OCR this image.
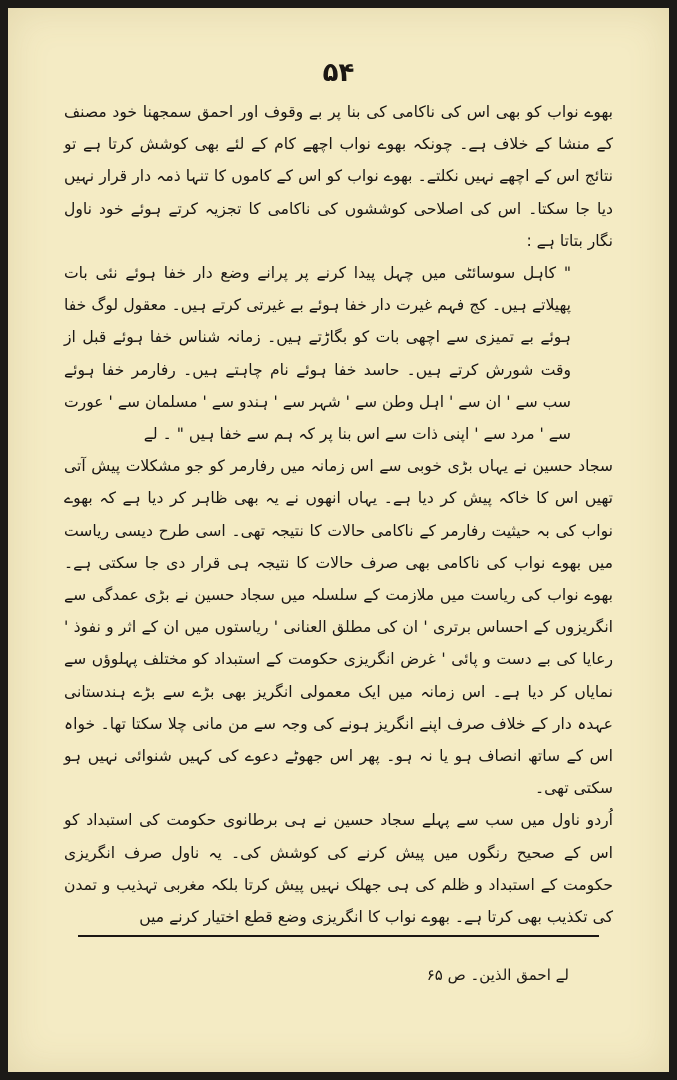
۵۴

بھوے نواب کو بھی اس کی ناکامی کی بنا پر بے وقوف اور احمق سمجھنا خود مصنف کے منشا کے خلاف ہے۔ چونکہ بھوے نواب اچھے کام کے لئے بھی کوشش کرتا ہے تو نتائج اس کے اچھے نہیں نکلتے۔ بھوے نواب کو اس کے کاموں کا تنہا ذمہ دار قرار نہیں دیا جا سکتا۔ اس کی اصلاحی کوششوں کی ناکامی کا تجزیہ کرتے ہوئے خود ناول نگار بتاتا ہے :

" کاہل سوسائٹی میں چہل پیدا کرنے پر پرانے وضع دار خفا ہوئے نئی بات پھیلاتے ہیں۔ کج فہم غیرت دار خفا ہوئے بے غیرتی کرتے ہیں۔ معقول لوگ خفا ہوئے بے تمیزی سے اچھی بات کو بگاڑتے ہیں۔ زمانہ شناس خفا ہوئے قبل از وقت شورش کرتے ہیں۔ حاسد خفا ہوئے نام چاہتے ہیں۔ رفارمر خفا ہوئے سب سے ' ان سے ' اہل وطن سے ' شہر سے ' ہندو سے ' مسلمان سے ' عورت سے ' مرد سے ' اپنی ذات سے اس بنا پر کہ ہم سے خفا ہیں " ۔ لے

سجاد حسین نے یہاں بڑی خوبی سے اس زمانہ میں رفارمر کو جو مشکلات پیش آتی تھیں اس کا خاکہ پیش کر دیا ہے۔ یہاں انھوں نے یہ بھی ظاہر کر دیا ہے کہ بھوے نواب کی بہ حیثیت رفارمر کے ناکامی حالات کا نتیجہ تھی۔ اسی طرح دیسی ریاست میں بھوے نواب کی ناکامی بھی صرف حالات کا نتیجہ ہی قرار دی جا سکتی ہے۔ بھوے نواب کی ریاست میں ملازمت کے سلسلہ میں سجاد حسین نے بڑی عمدگی سے انگریزوں کے احساس برتری ' ان کی مطلق العنانی ' ریاستوں میں ان کے اثر و نفوذ ' رعایا کی بے دست و پائی ' غرض انگریزی حکومت کے استبداد کو مختلف پہلوؤں سے نمایاں کر دیا ہے۔ اس زمانہ میں ایک معمولی انگریز بھی بڑے سے بڑے ہندستانی عہدہ دار کے خلاف صرف اپنے انگریز ہونے کی وجہ سے من مانی چلا سکتا تھا۔ خواہ اس کے ساتھ انصاف ہو یا نہ ہو۔ پھر اس جھوٹے دعوے کی کہیں شنوائی نہیں ہو سکتی تھی۔

اُردو ناول میں سب سے پہلے سجاد حسین نے ہی برطانوی حکومت کی استبداد کو اس کے صحیح رنگوں میں پیش کرنے کی کوشش کی۔ یہ ناول صرف انگریزی حکومت کے استبداد و ظلم کی ہی جھلک نہیں پیش کرتا بلکہ مغربی تہذیب و تمدن کی تکذیب بھی کرتا ہے۔ بھوے نواب کا انگریزی وضع قطع اختیار کرنے میں

لے احمق الذین۔ ص ۶۵
